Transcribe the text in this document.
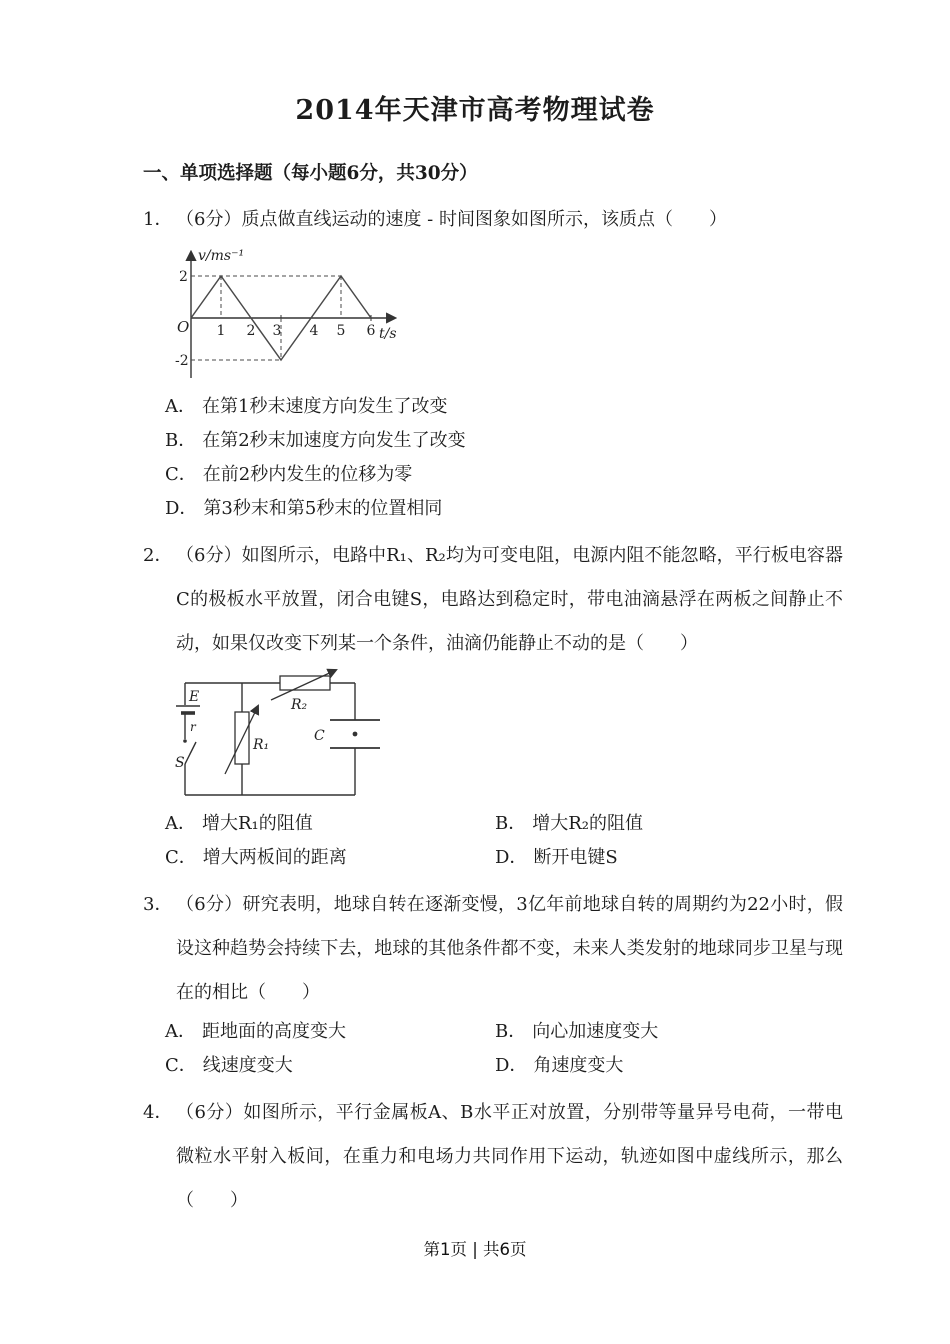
2014年天津市高考物理试卷
一、单项选择题（每小题6分，共30分）
1． （6分）质点做直线运动的速度 - 时间图象如图所示，该质点（　　）
v/ms⁻¹
t/s
O
2
-2
1 2 3 4 5 6
A． 在第1秒末速度方向发生了改变
B． 在第2秒末加速度方向发生了改变
C． 在前2秒内发生的位移为零
D． 第3秒末和第5秒末的位置相同
2． （6分）如图所示，电路中R₁、R₂均为可变电阻，电源内阻不能忽略，平行板电容器C的极板水平放置，闭合电键S，电路达到稳定时，带电油滴悬浮在两板之间静止不动，如果仅改变下列某一个条件，油滴仍能静止不动的是（　　）
E
r
S
R₁
R₂
C
A． 增大R₁的阻值	B． 增大R₂的阻值
C． 增大两板间的距离	D． 断开电键S
3． （6分）研究表明，地球自转在逐渐变慢，3亿年前地球自转的周期约为22小时，假设这种趋势会持续下去，地球的其他条件都不变，未来人类发射的地球同步卫星与现在的相比（　　）
A． 距地面的高度变大	B． 向心加速度变大
C． 线速度变大	D． 角速度变大
4． （6分）如图所示，平行金属板A、B水平正对放置，分别带等量异号电荷，一带电微粒水平射入板间，在重力和电场力共同作用下运动，轨迹如图中虚线所示，那么（　　）
第1页 | 共6页
